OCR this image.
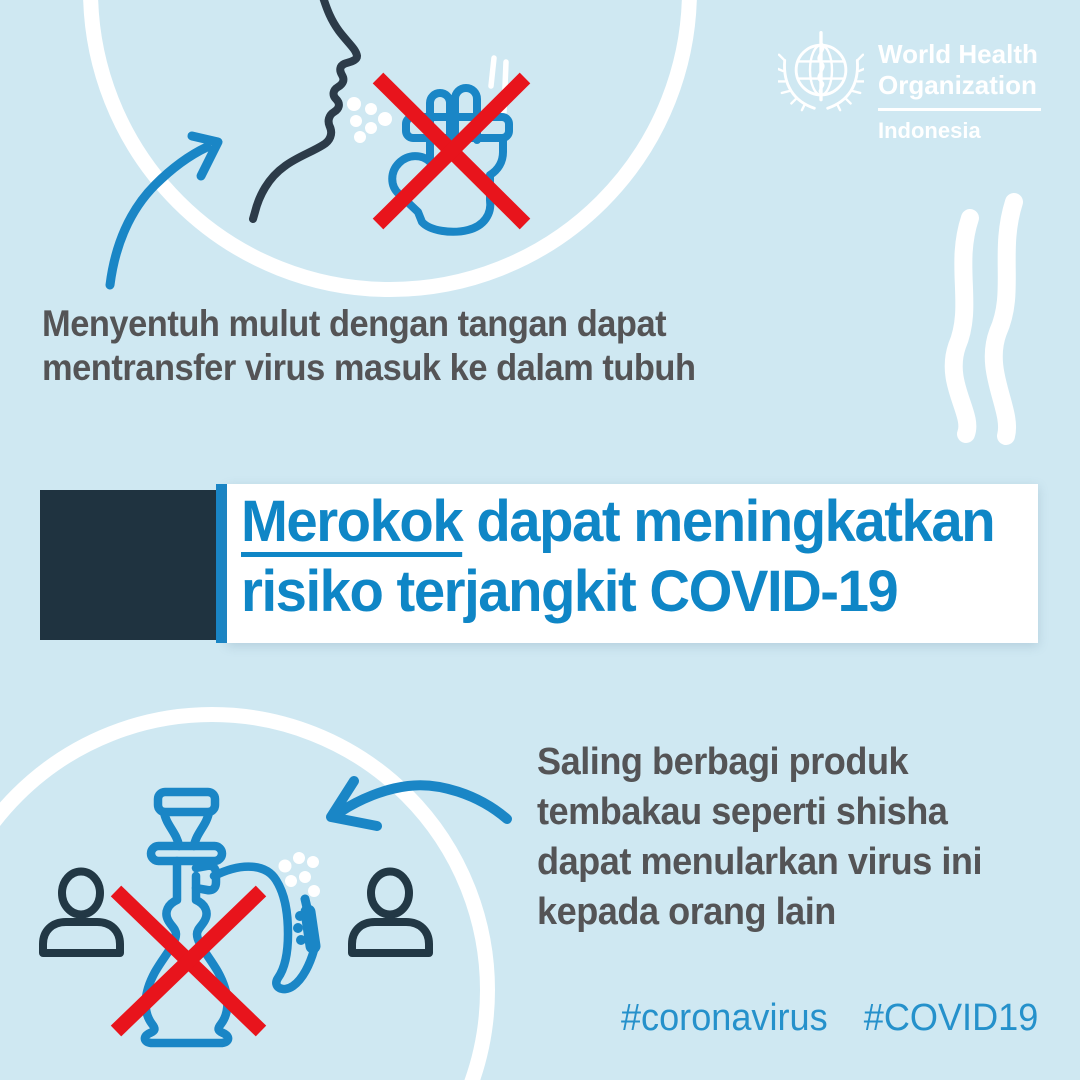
Menyentuh mulut dengan tangan dapat
mentransfer virus masuk ke dalam tubuh
Merokok dapat meningkatkan
risiko terjangkit COVID-19
Saling berbagi produk
tembakau seperti shisha
dapat menularkan virus ini
kepada orang lain
#coronavirus #COVID19
World Health
Organization
Indonesia
